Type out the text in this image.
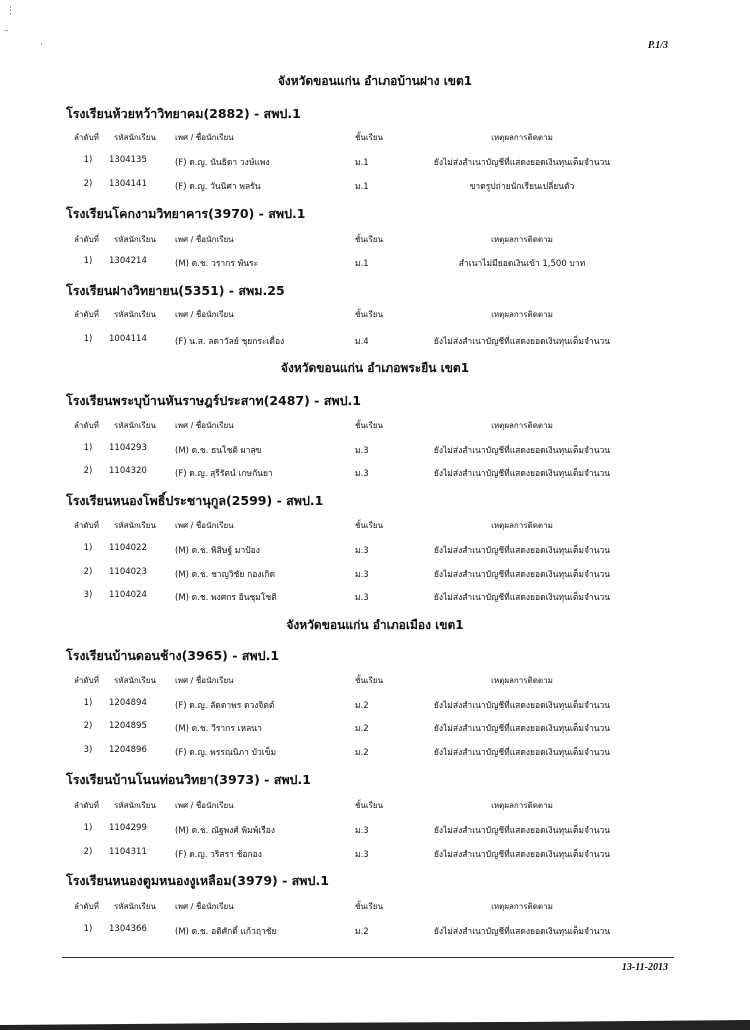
⋮
–
·	P.1/3
จังหวัดขอนแก่น อำเภอบ้านฝาง เขต1
โรงเรียนห้วยหว้าวิทยาคม(2882) - สพป.1
ลำดับที่ รหัสนักเรียน เพศ / ชื่อนักเรียน	ชั้นเรียน	เหตุผลการติดตาม
1)	1304135	(F) ด.ญ. นันธิดา วงษ์แพง	ม.1	ยังไม่ส่งสำเนาบัญชีที่แสดงยอดเงินทุนเต็มจำนวน
2)	1304141	(F) ด.ญ. วันนิศา พลรัน	ม.1	ขาดรูปถ่ายนักเรียนเปลี่ยนตัว
โรงเรียนโคกงามวิทยาคาร(3970) - สพป.1
ลำดับที่ รหัสนักเรียน เพศ / ชื่อนักเรียน	ชั้นเรียน	เหตุผลการติดตาม
1)	1304214	(M) ด.ช. วรากร พันระ	ม.1	สำเนาไม่มียอดเงินเข้า 1,500 บาท
โรงเรียนฝางวิทยายน(5351) - สพม.25
ลำดับที่ รหัสนักเรียน เพศ / ชื่อนักเรียน	ชั้นเรียน	เหตุผลการติดตาม
1)	1004114	(F) น.ส. ลดาวัลย์ ชุยกระเดื่อง	ม.4	ยังไม่ส่งสำเนาบัญชีที่แสดงยอดเงินทุนเต็มจำนวน
จังหวัดขอนแก่น อำเภอพระยืน เขต1
โรงเรียนพระบุบ้านหันราษฎร์ประสาท(2487) - สพป.1
ลำดับที่ รหัสนักเรียน เพศ / ชื่อนักเรียน	ชั้นเรียน	เหตุผลการติดตาม
1)	1104293	(M) ด.ช. ธนโชติ ผาสุข	ม.3	ยังไม่ส่งสำเนาบัญชีที่แสดงยอดเงินทุนเต็มจำนวน
2)	1104320	(F) ด.ญ. สุรีรัตน์ เกษกันยา	ม.3	ยังไม่ส่งสำเนาบัญชีที่แสดงยอดเงินทุนเต็มจำนวน
โรงเรียนหนองโพธิ์ประชานุกูล(2599) - สพป.1
ลำดับที่ รหัสนักเรียน เพศ / ชื่อนักเรียน	ชั้นเรียน	เหตุผลการติดตาม
1)	1104022	(M) ด.ช. พิสิษฐ์ มาป้อง	ม.3	ยังไม่ส่งสำเนาบัญชีที่แสดงยอดเงินทุนเต็มจำนวน
2)	1104023	(M) ด.ช. ชาญวิชัย กองเกิด	ม.3	ยังไม่ส่งสำเนาบัญชีที่แสดงยอดเงินทุนเต็มจำนวน
3)	1104024	(M) ด.ช. พงศกร อินชุมโชติ	ม.3	ยังไม่ส่งสำเนาบัญชีที่แสดงยอดเงินทุนเต็มจำนวน
จังหวัดขอนแก่น อำเภอเมือง เขต1
โรงเรียนบ้านดอนช้าง(3965) - สพป.1
ลำดับที่ รหัสนักเรียน เพศ / ชื่อนักเรียน	ชั้นเรียน	เหตุผลการติดตาม
1)	1204894	(F) ด.ญ. ลัดดาพร ดวงจิตต์	ม.2	ยังไม่ส่งสำเนาบัญชีที่แสดงยอดเงินทุนเต็มจำนวน
2)	1204895	(M) ด.ช. วีรากร เหลนา	ม.2	ยังไม่ส่งสำเนาบัญชีที่แสดงยอดเงินทุนเต็มจำนวน
3)	1204896	(F) ด.ญ. พรรณนิภา บัวเข็ม	ม.2	ยังไม่ส่งสำเนาบัญชีที่แสดงยอดเงินทุนเต็มจำนวน
โรงเรียนบ้านโนนท่อนวิทยา(3973) - สพป.1
ลำดับที่ รหัสนักเรียน เพศ / ชื่อนักเรียน	ชั้นเรียน	เหตุผลการติดตาม
1)	1104299	(M) ด.ช. ณัฐพงศ์ พิมพ์เรือง	ม.3	ยังไม่ส่งสำเนาบัญชีที่แสดงยอดเงินทุนเต็มจำนวน
2)	1104311	(F) ด.ญ. วริสรา ช้อกอง	ม.3	ยังไม่ส่งสำเนาบัญชีที่แสดงยอดเงินทุนเต็มจำนวน
โรงเรียนหนองตูมหนองงูเหลือม(3979) - สพป.1
ลำดับที่ รหัสนักเรียน เพศ / ชื่อนักเรียน	ชั้นเรียน	เหตุผลการติดตาม
1)	1304366	(M) ด.ช. อติศักดิ์ แก้วฤาชัย	ม.2	ยังไม่ส่งสำเนาบัญชีที่แสดงยอดเงินทุนเต็มจำนวน
13-11-2013
